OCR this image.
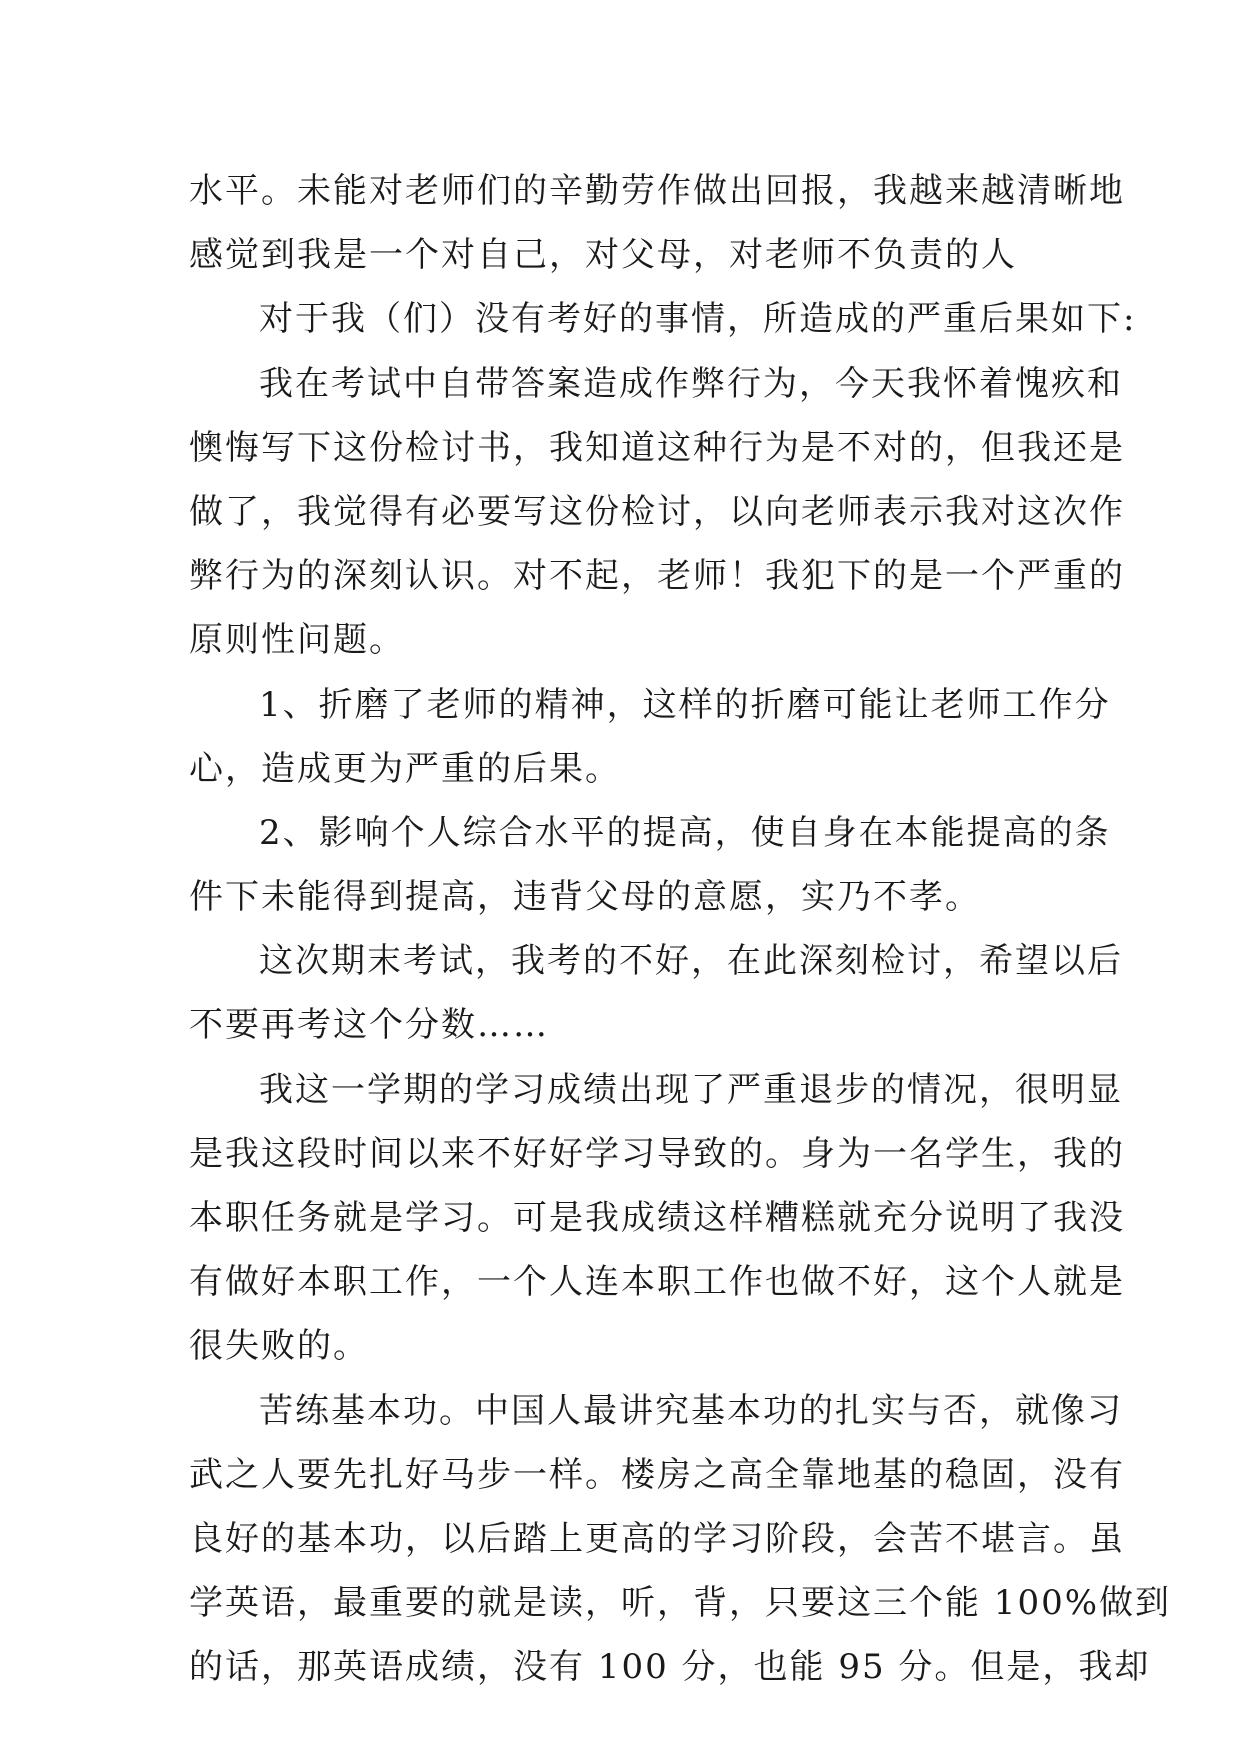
水平。未能对老师们的辛勤劳作做出回报，我越来越清晰地
感觉到我是一个对自己，对父母，对老师不负责的人
对于我（们）没有考好的事情，所造成的严重后果如下:
我在考试中自带答案造成作弊行为，今天我怀着愧疚和
懊悔写下这份检讨书，我知道这种行为是不对的，但我还是
做了，我觉得有必要写这份检讨，以向老师表示我对这次作
弊行为的深刻认识。对不起，老师！我犯下的是一个严重的
原则性问题。
1、折磨了老师的精神，这样的折磨可能让老师工作分
心，造成更为严重的后果。
2、影响个人综合水平的提高，使自身在本能提高的条
件下未能得到提高，违背父母的意愿，实乃不孝。
这次期末考试，我考的不好，在此深刻检讨，希望以后
不要再考这个分数……
我这一学期的学习成绩出现了严重退步的情况，很明显
是我这段时间以来不好好学习导致的。身为一名学生，我的
本职任务就是学习。可是我成绩这样糟糕就充分说明了我没
有做好本职工作，一个人连本职工作也做不好，这个人就是
很失败的。
苦练基本功。中国人最讲究基本功的扎实与否，就像习
武之人要先扎好马步一样。楼房之高全靠地基的稳固，没有
良好的基本功，以后踏上更高的学习阶段，会苦不堪言。虽
学英语，最重要的就是读，听，背，只要这三个能 100%做到
的话，那英语成绩，没有 100 分，也能 95 分。但是，我却
